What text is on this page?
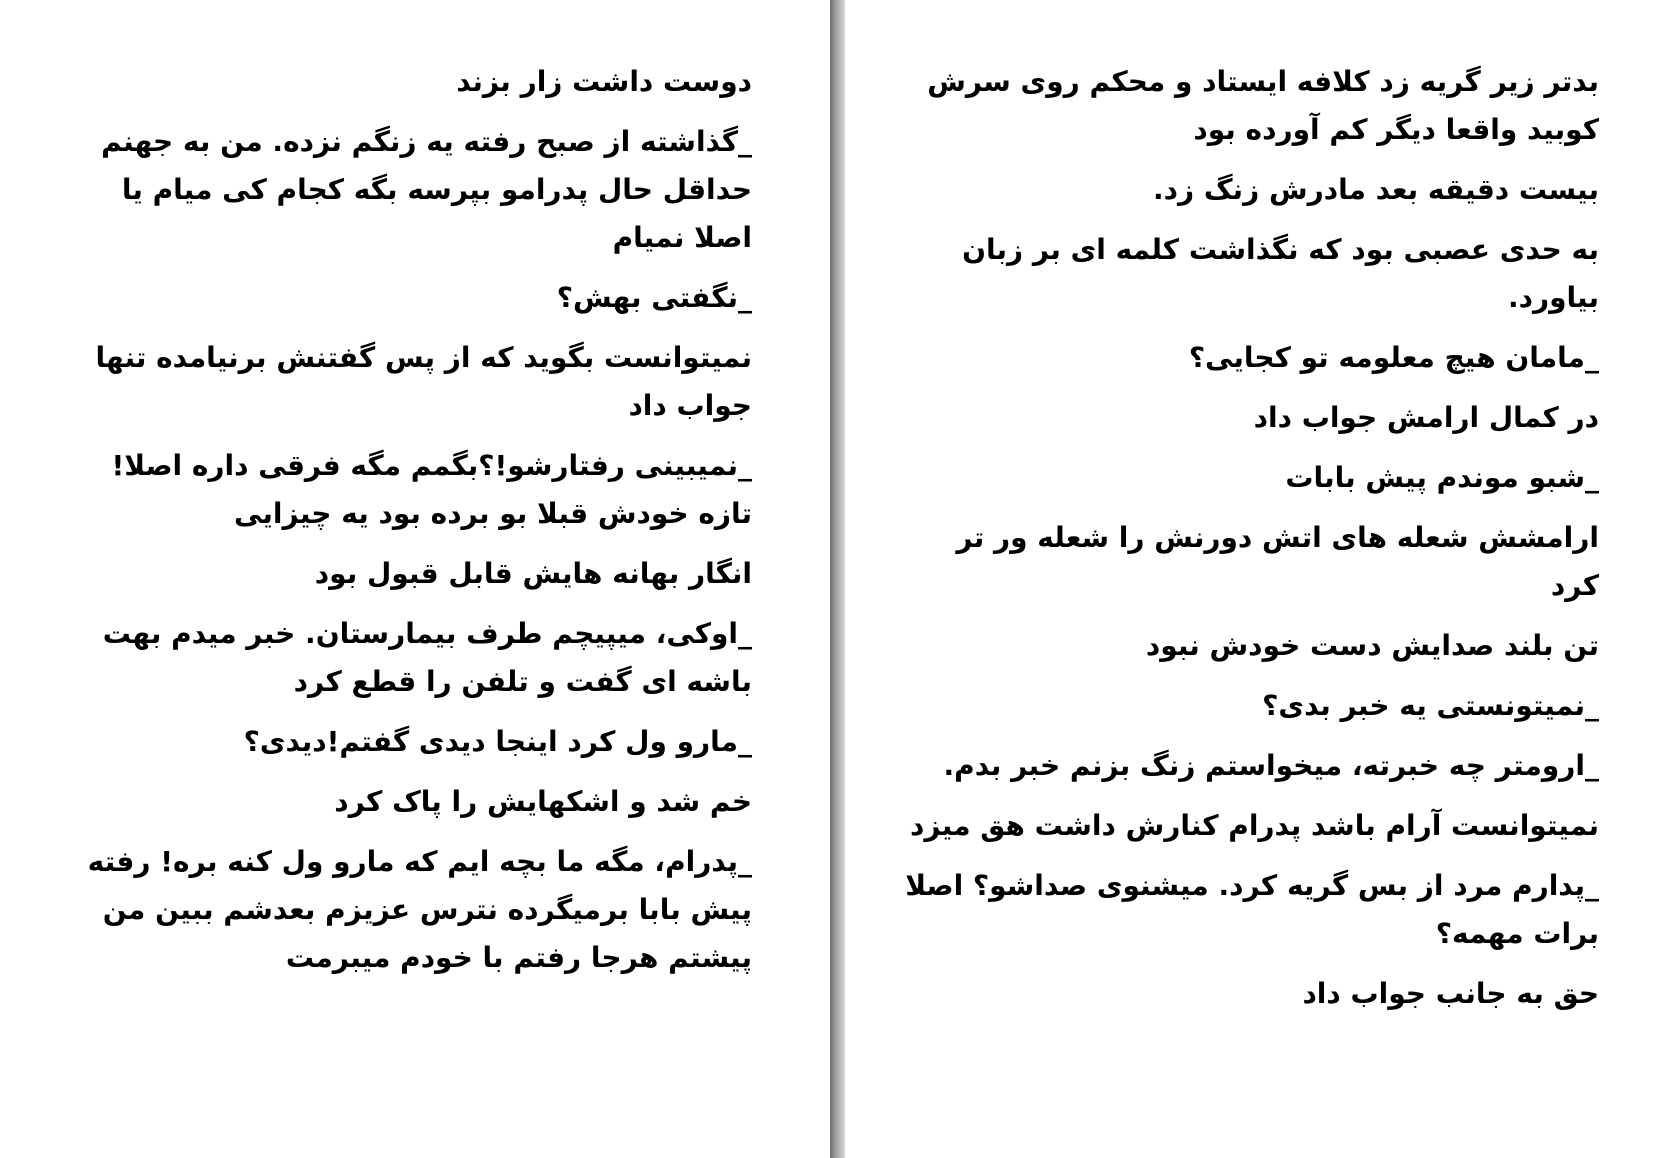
دوست داشت زار بزند

_گذاشته از صبح رفته یه زنگم نزده. من به جهنم حداقل حال پدرامو بپرسه بگه کجام کی میام یا اصلا نمیام

_نگفتی بهش؟

نمیتوانست بگوید که از پس گفتنش برنیامده تنها جواب داد

_نمیبینی رفتارشو!؟بگمم مگه فرقی داره اصلا! تازه خودش قبلا بو برده بود یه چیزایی

انگار بهانه هایش قابل قبول بود

_اوکی، میپیچم طرف بیمارستان. خبر میدم بهت باشه ای گفت و تلفن را قطع کرد

_مارو ول کرد اینجا دیدی گفتم!دیدی؟

خم شد و اشکهایش را پاک کرد

_پدرام، مگه ما بچه ایم که مارو ول کنه بره! رفته پیش بابا برمیگرده نترس عزیزم بعدشم ببین من پیشتم هرجا رفتم با خودم میبرمت

بدتر زیر گریه زد کلافه ایستاد و محکم روی سرش کوبید واقعا دیگر کم آورده بود

بیست دقیقه بعد مادرش زنگ زد.

به حدی عصبی بود که نگذاشت کلمه ای بر زبان بیاورد.

_مامان هیچ معلومه تو کجایی؟

در کمال ارامش جواب داد

_شبو موندم پیش بابات

ارامشش شعله های اتش دورنش را شعله ور تر کرد

تن بلند صدایش دست خودش نبود

_نمیتونستی یه خبر بدی؟

_ارومتر چه خبرته، میخواستم زنگ بزنم خبر بدم.

نمیتوانست آرام باشد پدرام کنارش داشت هق میزد

_پدارم مرد از بس گریه کرد. میشنوی صداشو؟ اصلا برات مهمه؟

حق به جانب جواب داد
